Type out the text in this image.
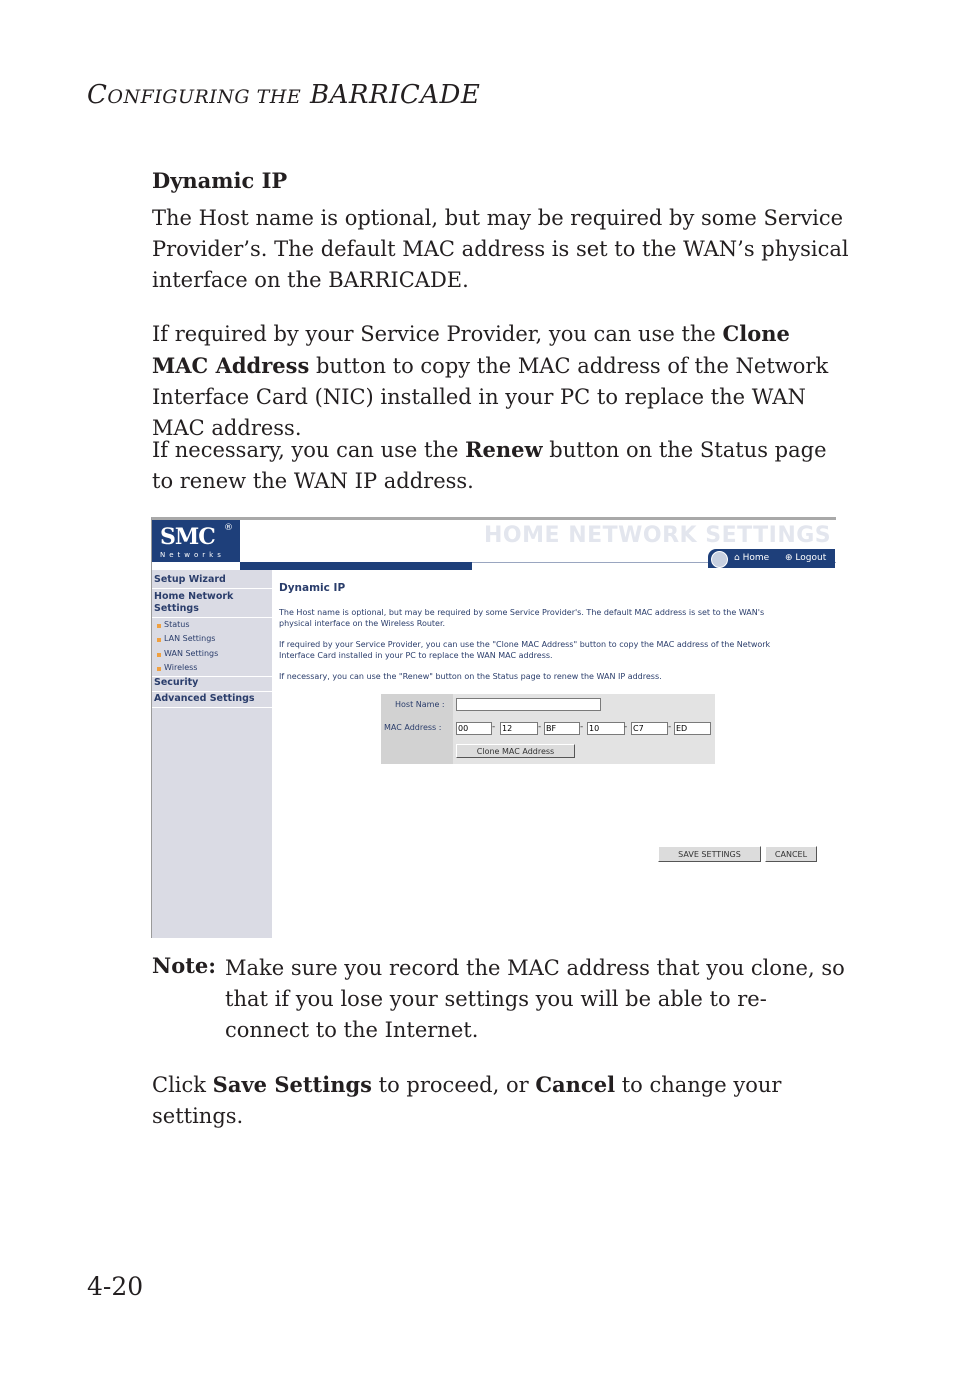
CONFIGURING THE BARRICADE
Dynamic IP
The Host name is optional, but may be required by some Service Provider’s. The default MAC address is set to the WAN’s physical interface on the BARRICADE.
If required by your Service Provider, you can use the Clone MAC Address button to copy the MAC address of the Network Interface Card (NIC) installed in your PC to replace the WAN MAC address.
If necessary, you can use the Renew button on the Status page to renew the WAN IP address.
SMC ®
Networks
HOME NETWORK SETTINGS
⌂ Home ⊕ Logout
Setup Wizard
Home Network Settings
Status
LAN Settings
WAN Settings
Wireless
Security
Advanced Settings
Dynamic IP
The Host name is optional, but may be required by some Service Provider's. The default MAC address is set to the WAN's physical interface on the Wireless Router.
If required by your Service Provider, you can use the "Clone MAC Address" button to copy the MAC address of the Network Interface Card installed in your PC to replace the WAN MAC address.
If necessary, you can use the "Renew" button on the Status page to renew the WAN IP address.
Host Name :
MAC Address :
00	-
12	-
BF	-
10	-
C7	-
ED
Clone MAC Address
SAVE SETTINGS	CANCEL
Note: Make sure you record the MAC address that you clone, so that if you lose your settings you will be able to re-connect to the Internet.
Click Save Settings to proceed, or Cancel to change your settings.
4-20
